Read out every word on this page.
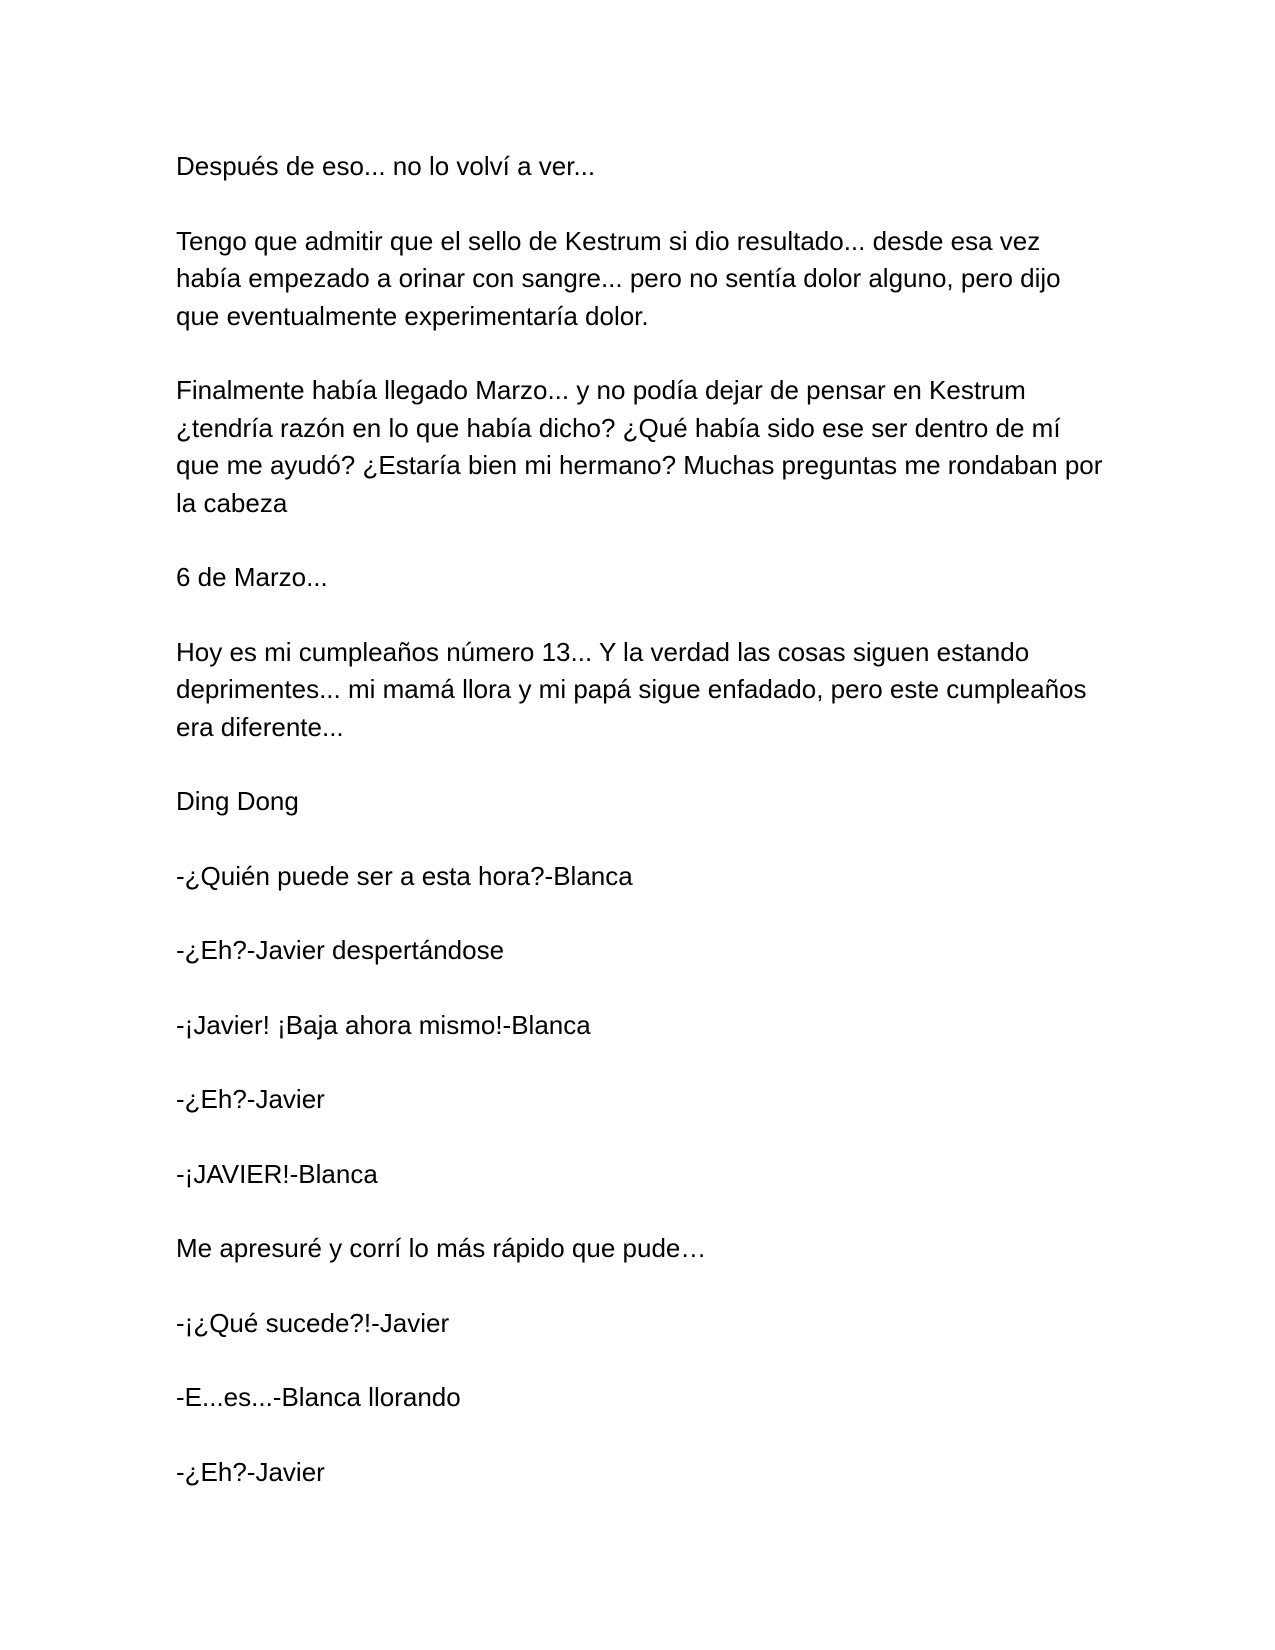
Después de eso... no lo volví a ver...

Tengo que admitir que el sello de Kestrum si dio resultado... desde esa vez había empezado a orinar con sangre... pero no sentía dolor alguno, pero dijo que eventualmente experimentaría dolor.

Finalmente había llegado Marzo... y no podía dejar de pensar en Kestrum ¿tendría razón en lo que había dicho? ¿Qué había sido ese ser dentro de mí que me ayudó? ¿Estaría bien mi hermano? Muchas preguntas me rondaban por la cabeza

6 de Marzo...

Hoy es mi cumpleaños número 13... Y la verdad las cosas siguen estando deprimentes... mi mamá llora y mi papá sigue enfadado, pero este cumpleaños era diferente...

Ding Dong

-¿Quién puede ser a esta hora?-Blanca

-¿Eh?-Javier despertándose

-¡Javier! ¡Baja ahora mismo!-Blanca

-¿Eh?-Javier

-¡JAVIER!-Blanca

Me apresuré y corrí lo más rápido que pude…

-¡¿Qué sucede?!-Javier

-E...es...-Blanca llorando

-¿Eh?-Javier
